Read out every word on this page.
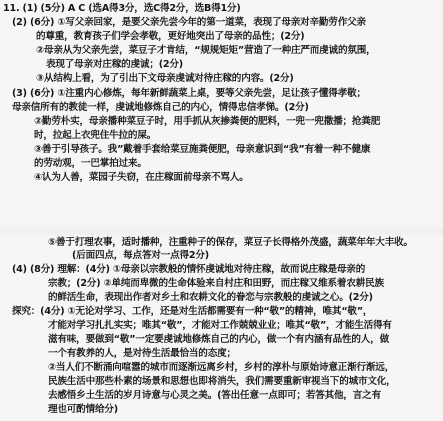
11. (1) (5分) A C (选A得3分，选C得2分，选B得1分)
(2) (6分) ①写父亲回家，是要父亲先尝今年的第一道菜，表现了母亲对辛勤劳作父亲
的尊重，教育孩子们学会孝敬，更好地突出了母亲的品性；(2分)
②母亲从为父亲先尝，菜豆子才肯结，“规规矩矩”营造了一种庄严而虔诚的氛围，
表现了母亲对庄稼的虔诚；(2分)
③从结构上看，为了引出下文母亲虔诚对待庄稼的内容。(2分)
(3) (6分) ①注重内心修炼，每年新鲜蔬菜上桌，要等父亲先尝，足让孩子懂得孝敬；
母亲信所有的教徒一样，虔诚地修炼自己的内心，情得忠信孝悌。(2分)
②勤劳朴实，母亲播种菜豆子时，用手抓从灰掺粪便的肥料，一兜一兜撒播；抢粪肥
时，拉起上衣兜住牛拉的屎。
③善于引导孩子。我”戴着手套给菜豆施粪便肥，母亲意识到“我”有着一种不健康
的劳动观，一巴掌拍过来。
④认为人善，菜园子失窃，在庄稼面前母亲不骂人。
⑤善于打理农事，适时播种，注重种子的保存，菜豆子长得格外茂盛，蔬菜年年大丰收。
(后面四点，每点答对一点得2分)
(4) (8分) 理解：(4分) ①母亲以宗教般的情怀虔诚地对待庄稼，故而说庄稼是母亲的
宗教；(2分) ②单纯而卑微的生命体验来自村庄和田野，而庄稼又维系着农耕民族
的鲜活生命，表现出作者对乡土和农耕文化的眷恋与宗教般的虔诚之心。(2分)
探究：(4分) ①无论对学习、工作，还是对生活都需要有一种“敬”的精神，唯其“敬”，
才能对学习扎扎实实；唯其“敬”，才能对工作兢兢业业；唯其“敬”，才能生活得有
滋有味，要做到“敬”一定要虔诚地修炼自己的内心，做一个有内涵有品性的人，做
一个有教养的人，是对待生活最恰当的态度；
②当人们不断涌向喧嚣的城市而逐渐远离乡村，乡村的淳朴与原始诗意正渐行渐远，
民族生活中那些朴素的场景和思想也即将消失，我们需要重新审视当下的城市文化，
去感悟乡土生活的岁月诗意与心灵之美。(答出任意一点即可；若答其他，言之有
理也可酌情给分)
